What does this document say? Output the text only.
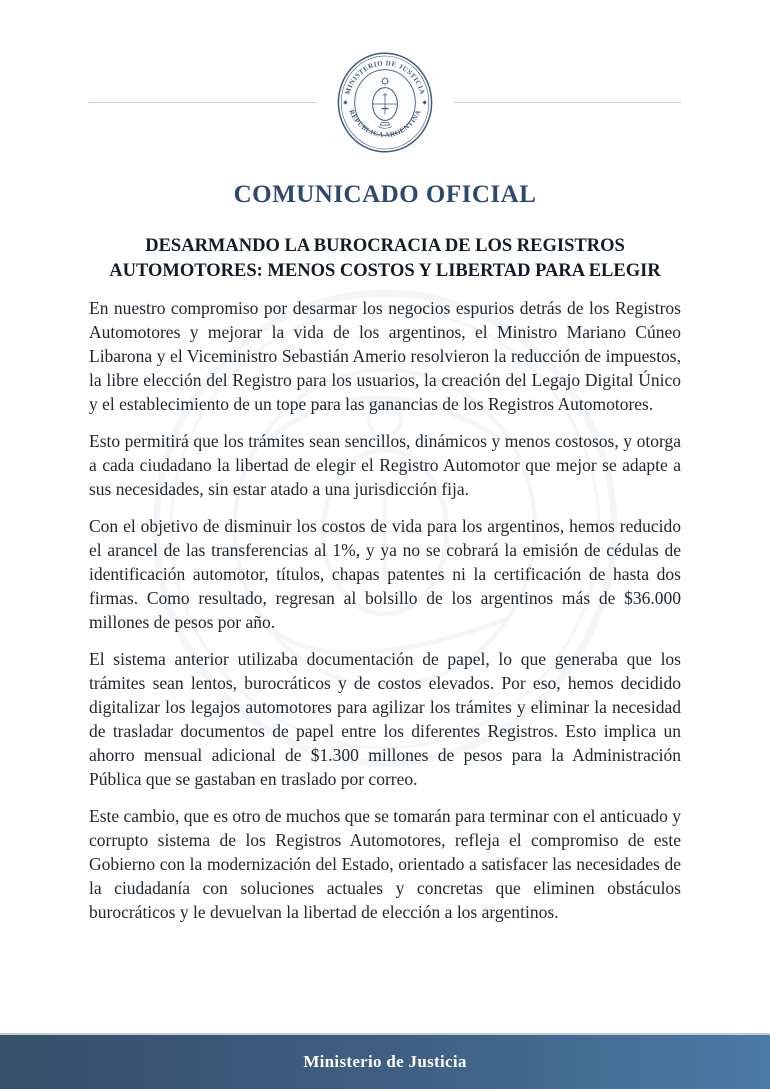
MINISTERIO DE JUSTICIA
REPÚBLICA ARGENTINA
COMUNICADO OFICIAL
DESARMANDO LA BUROCRACIA DE LOS REGISTROS
AUTOMOTORES: MENOS COSTOS Y LIBERTAD PARA ELEGIR

En nuestro compromiso por desarmar los negocios espurios detrás de los Registros Automotores y mejorar la vida de los argentinos, el Ministro Mariano Cúneo Libarona y el Viceministro Sebastián Amerio resolvieron la reducción de impuestos, la libre elección del Registro para los usuarios, la creación del Legajo Digital Único y el establecimiento de un tope para las ganancias de los Registros Automotores.

Esto permitirá que los trámites sean sencillos, dinámicos y menos costosos, y otorga a cada ciudadano la libertad de elegir el Registro Automotor que mejor se adapte a sus necesidades, sin estar atado a una jurisdicción fija.

Con el objetivo de disminuir los costos de vida para los argentinos, hemos reducido el arancel de las transferencias al 1%, y ya no se cobrará la emisión de cédulas de identificación automotor, títulos, chapas patentes ni la certificación de hasta dos firmas. Como resultado, regresan al bolsillo de los argentinos más de $36.000 millones de pesos por año.

El sistema anterior utilizaba documentación de papel, lo que generaba que los trámites sean lentos, burocráticos y de costos elevados. Por eso, hemos decidido digitalizar los legajos automotores para agilizar los trámites y eliminar la necesidad de trasladar documentos de papel entre los diferentes Registros. Esto implica un ahorro mensual adicional de $1.300 millones de pesos para la Administración Pública que se gastaban en traslado por correo.

Este cambio, que es otro de muchos que se tomarán para terminar con el anticuado y corrupto sistema de los Registros Automotores, refleja el compromiso de este Gobierno con la modernización del Estado, orientado a satisfacer las necesidades de la ciudadanía con soluciones actuales y concretas que eliminen obstáculos burocráticos y le devuelvan la libertad de elección a los argentinos.

Ministerio de Justicia
